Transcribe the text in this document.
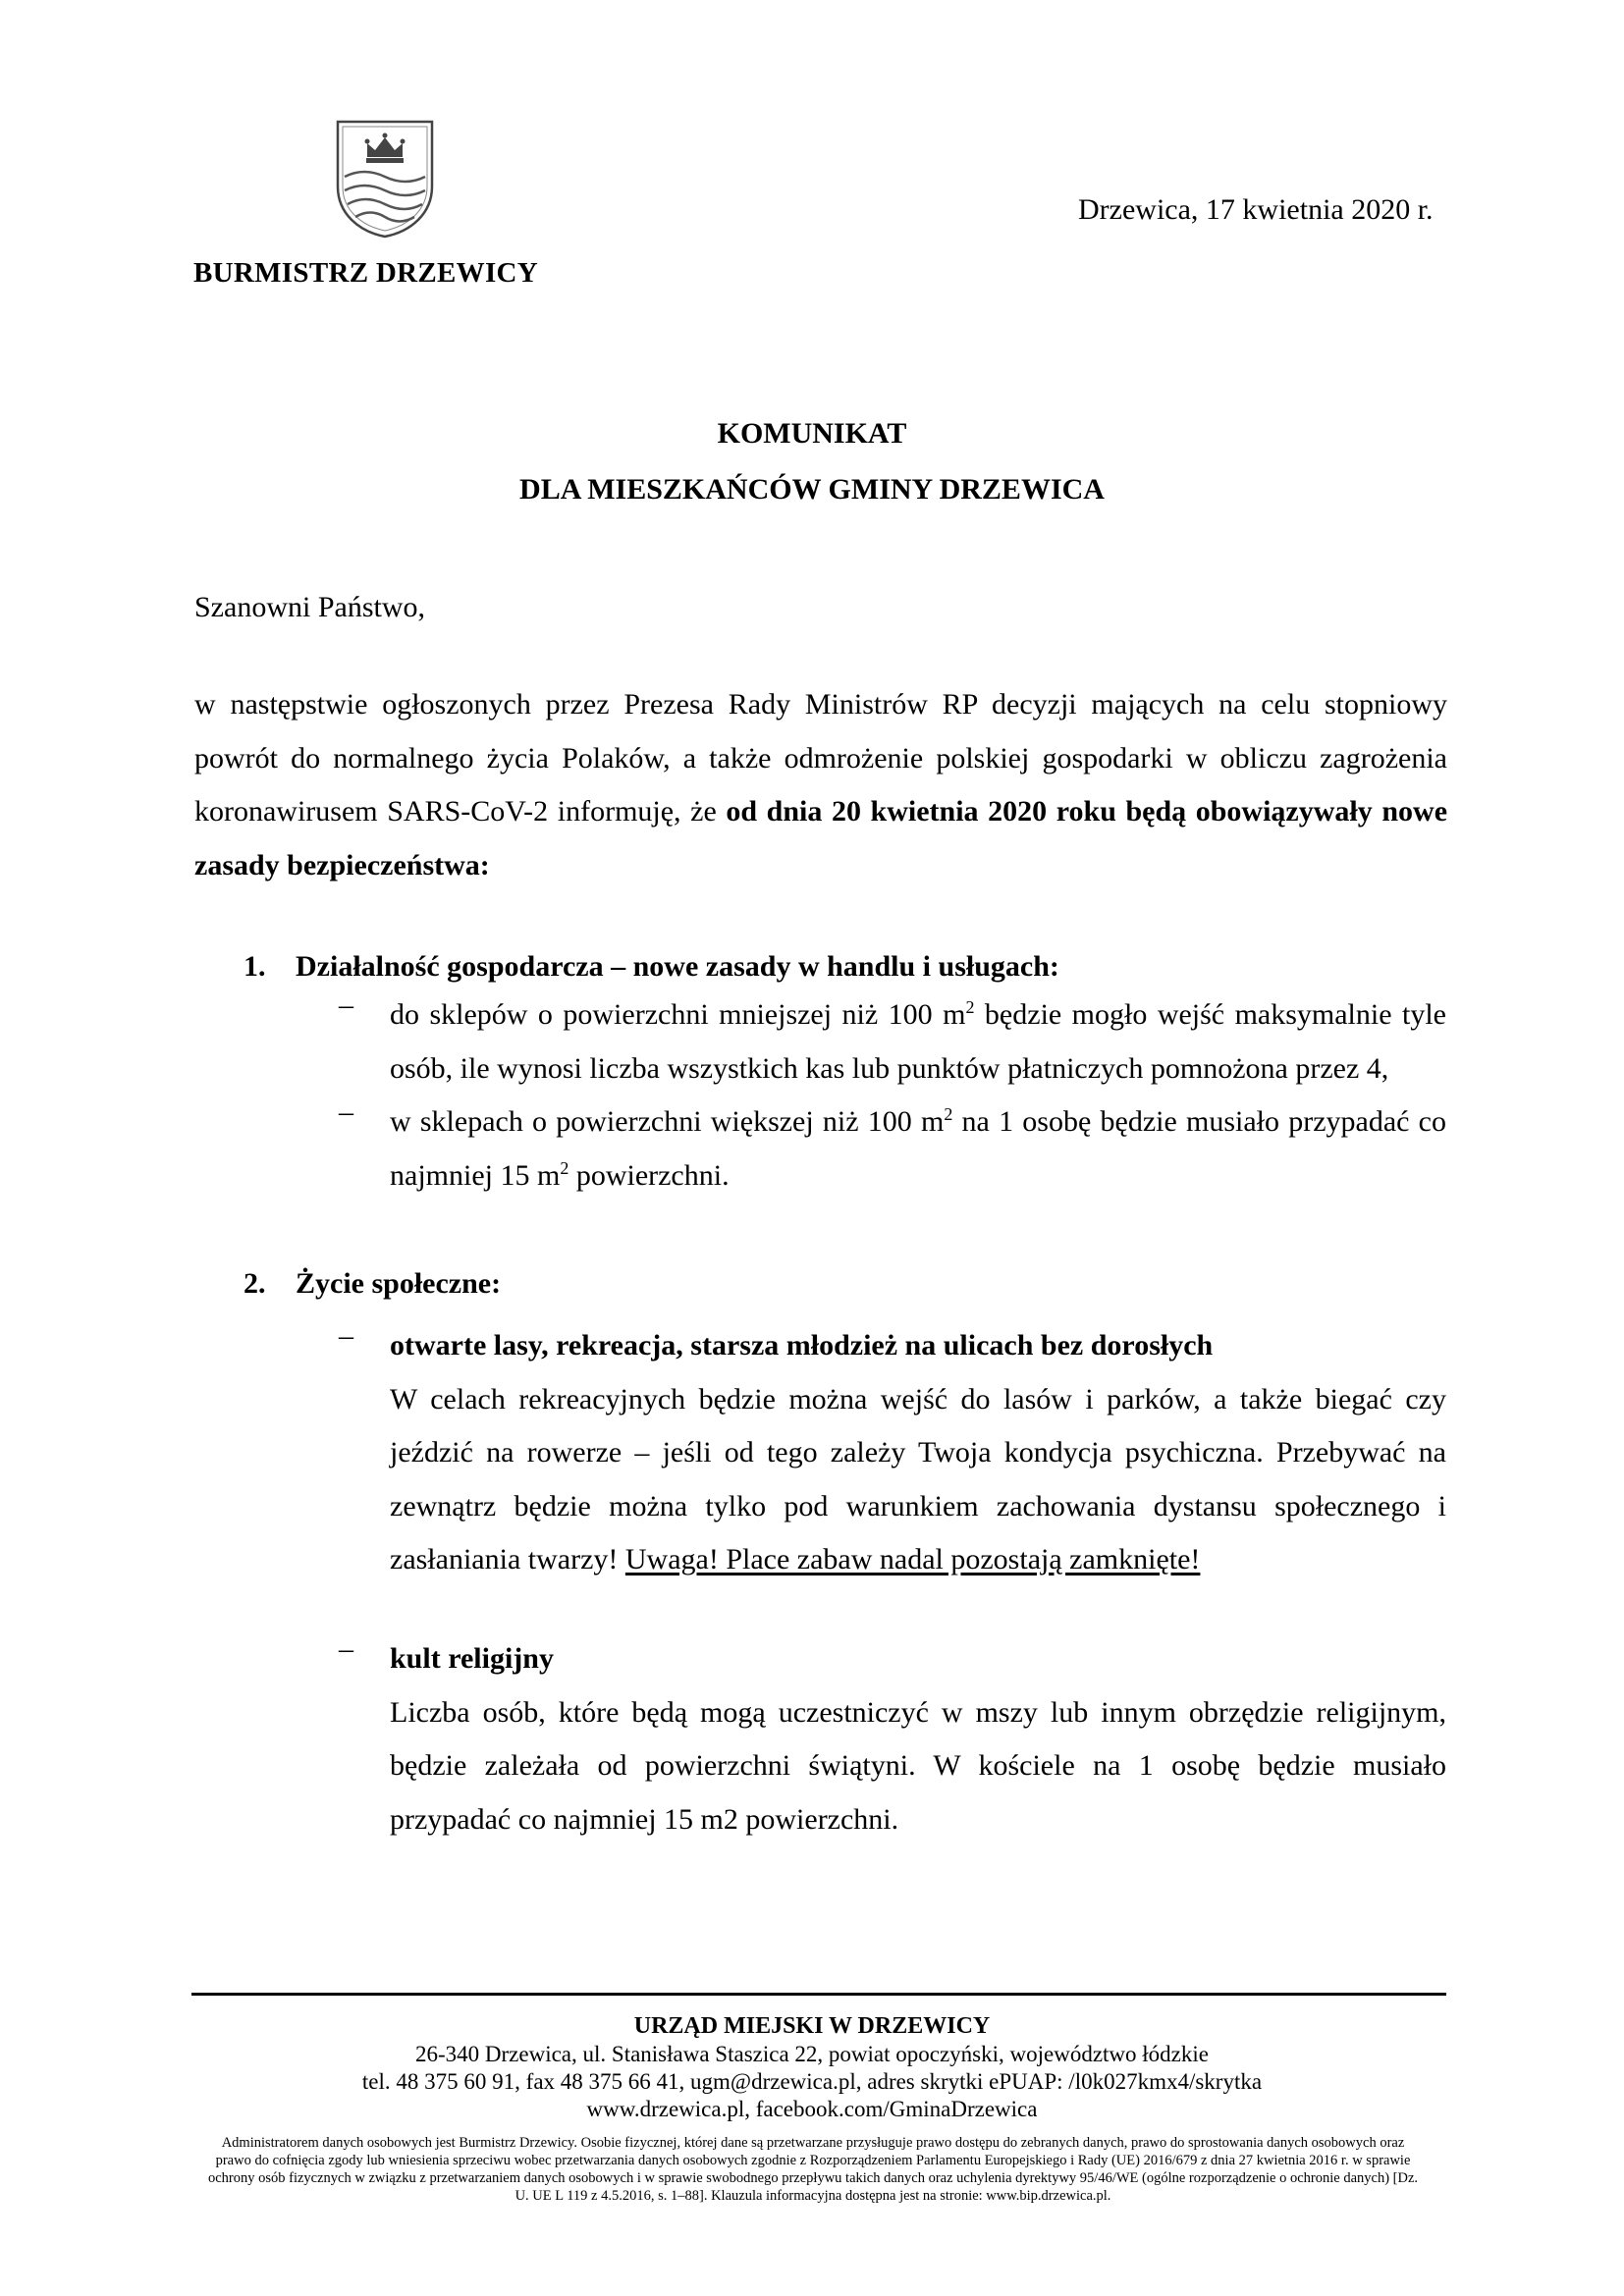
BURMISTRZ DRZEWICY
Drzewica, 17 kwietnia 2020 r.
KOMUNIKAT
DLA MIESZKAŃCÓW GMINY DRZEWICA
Szanowni Państwo,
w następstwie ogłoszonych przez Prezesa Rady Ministrów RP decyzji mających na celu stopniowy powrót do normalnego życia Polaków, a także odmrożenie polskiej gospodarki w obliczu zagrożenia koronawirusem SARS-CoV-2 informuję, że od dnia 20 kwietnia 2020 roku będą obowiązywały nowe zasady bezpieczeństwa:
1. Działalność gospodarcza – nowe zasady w handlu i usługach:
– do sklepów o powierzchni mniejszej niż 100 $m^2$ będzie mogło wejść maksymalnie tyle osób, ile wynosi liczba wszystkich kas lub punktów płatniczych pomnożona przez 4,
– w sklepach o powierzchni większej niż 100 $m^2$ na 1 osobę będzie musiało przypadać co najmniej 15 $m^2$ powierzchni.
2. Życie społeczne:
– otwarte lasy, rekreacja, starsza młodzież na ulicach bez dorosłych
W celach rekreacyjnych będzie można wejść do lasów i parków, a także biegać czy jeździć na rowerze – jeśli od tego zależy Twoja kondycja psychiczna. Przebywać na zewnątrz będzie można tylko pod warunkiem zachowania dystansu społecznego i zasłaniania twarzy! Uwaga! Place zabaw nadal pozostają zamknięte!
– kult religijny
Liczba osób, które będą mogą uczestniczyć w mszy lub innym obrzędzie religijnym, będzie zależała od powierzchni świątyni. W kościele na 1 osobę będzie musiało przypadać co najmniej 15 m2 powierzchni.
URZĄD MIEJSKI W DRZEWICY
26-340 Drzewica, ul. Stanisława Staszica 22, powiat opoczyński, województwo łódzkie
tel. 48 375 60 91, fax 48 375 66 41, ugm@drzewica.pl, adres skrytki ePUAP: /l0k027kmx4/skrytka
www.drzewica.pl, facebook.com/GminaDrzewica
Administratorem danych osobowych jest Burmistrz Drzewicy. Osobie fizycznej, której dane są przetwarzane przysługuje prawo dostępu do zebranych danych, prawo do sprostowania danych osobowych oraz prawo do cofnięcia zgody lub wniesienia sprzeciwu wobec przetwarzania danych osobowych zgodnie z Rozporządzeniem Parlamentu Europejskiego i Rady (UE) 2016/679 z dnia 27 kwietnia 2016 r. w sprawie ochrony osób fizycznych w związku z przetwarzaniem danych osobowych i w sprawie swobodnego przepływu takich danych oraz uchylenia dyrektywy 95/46/WE (ogólne rozporządzenie o ochronie danych) [Dz. U. UE L 119 z 4.5.2016, s. 1–88]. Klauzula informacyjna dostępna jest na stronie: www.bip.drzewica.pl.
